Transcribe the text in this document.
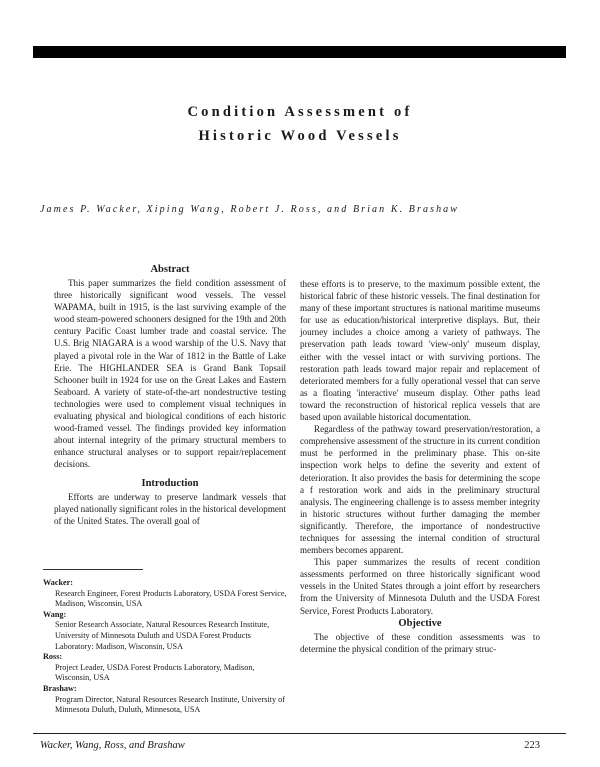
Condition Assessment of
Historic Wood Vessels
James P. Wacker, Xiping Wang, Robert J. Ross, and Brian K. Brashaw
Abstract

This paper summarizes the field condition assessment of three historically significant wood vessels. The vessel WAPAMA, built in 1915, is the last surviving example of the wood steam-powered schooners designed for the 19th and 20th century Pacific Coast lumber trade and coastal service. The U.S. Brig NIAGARA is a wood warship of the U.S. Navy that played a pivotal role in the War of 1812 in the Battle of Lake Erie. The HIGHLANDER SEA is Grand Bank Topsail Schooner built in 1924 for use on the Great Lakes and Eastern Seaboard. A variety of state-of-the-art nondestructive testing technologies were used to complement visual techniques in evaluating physical and biological conditions of each historic wood-framed vessel. The findings provided key information about internal integrity of the primary structural members to enhance structural analyses or to support repair/replacement decisions.

Introduction

Efforts are underway to preserve landmark vessels that played nationally significant roles in the historical development of the United States. The overall goal of

these efforts is to preserve, to the maximum possible extent, the historical fabric of these historic vessels. The final destination for many of these important structures is national maritime museums for use as education/historical interpretive displays. But, their journey includes a choice among a variety of pathways. The preservation path leads toward 'view-only' museum display, either with the vessel intact or with surviving portions. The restoration path leads toward major repair and replacement of deteriorated members for a fully operational vessel that can serve as a floating 'interactive' museum display. Other paths lead toward the reconstruction of historical replica vessels that are based upon available historical documentation.

Regardless of the pathway toward preservation/restoration, a comprehensive assessment of the structure in its current condition must be performed in the preliminary phase. This on-site inspection work helps to define the severity and extent of deterioration. It also provides the basis for determining the scope a f restoration work and aids in the preliminary structural analysis. The engineering challenge is to assess member integrity in historic structures without further damaging the member significantly. Therefore, the importance of nondestructive techniques for assessing the internal condition of structural members becomes apparent.

This paper summarizes the results of recent condition assessments performed on three historically significant wood vessels in the United States through a joint effort by researchers from the University of Minnesota Duluth and the USDA Forest Service, Forest Products Laboratory.

Objective

The objective of these condition assessments was to determine the physical condition of the primary struc-

Wacker:
Research Engineer, Forest Products Laboratory, USDA Forest Service, Madison, Wisconsin, USA
Wang:
Senior Research Associate, Natural Resources Research Institute, University of Minnesota Duluth and USDA Forest Products Laboratory: Madison, Wisconsin, USA
Ross:
Project Leader, USDA Forest Products Laboratory, Madison, Wisconsin, USA
Brashaw:
Program Director, Natural Resources Research Institute, University of Minnesota Duluth, Duluth, Minnesota, USA
Wacker, Wang, Ross, and Brashaw	223
